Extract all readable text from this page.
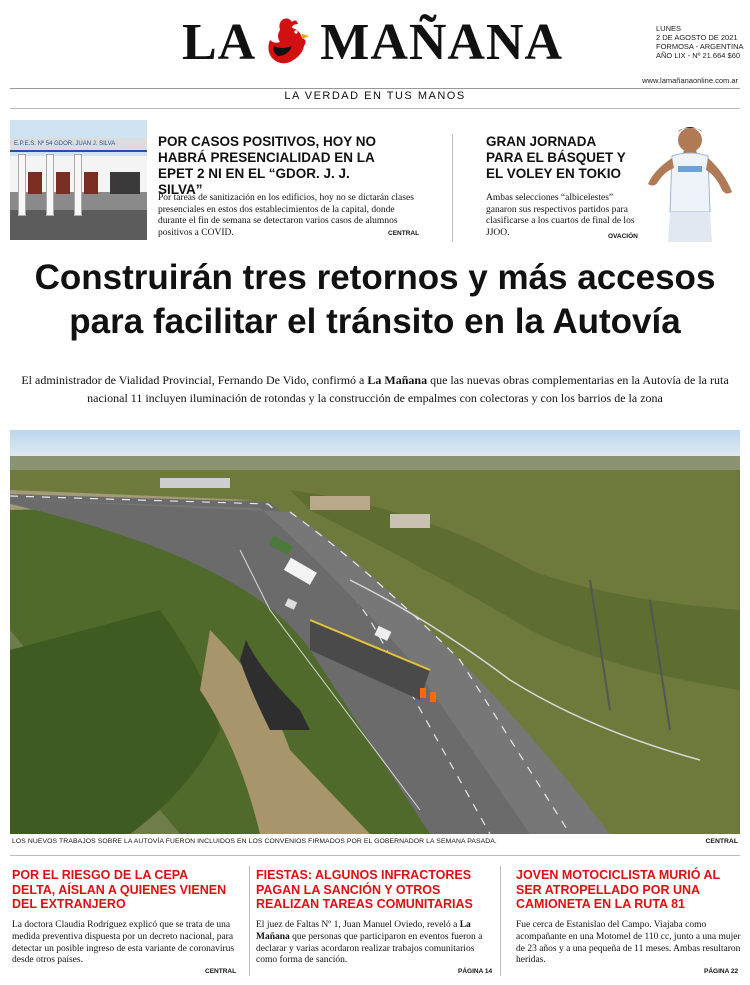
LA MAÑANA	LUNES
2 DE AGOSTO DE 2021
FORMOSA - ARGENTINA
AÑO LIX - Nº 21.664 $60
www.lamañanaonline.com.ar
LA VERDAD EN TUS MANOS
E.P.E.S. Nº 54 GDOR. JUAN J. SILVA	POR CASOS POSITIVOS, HOY NO HABRÁ PRESENCIALIDAD EN LA EPET 2 NI EN EL “GDOR. J. J. SILVA”
Por tareas de sanitización en los edificios, hoy no se dictarán clases presenciales en estos dos establecimientos de la capital, donde durante el fin de semana se detectaron varios casos de alumnos positivos a COVID.	CENTRAL
GRAN JORNADA PARA EL BÁSQUET Y EL VOLEY EN TOKIO
Ambas selecciones “albicelestes” ganaron sus respectivos partidos para clasificarse a los cuartos de final de los JJOO.	OVACIÓN
Construirán tres retornos y más accesos
para facilitar el tránsito en la Autovía
El administrador de Vialidad Provincial, Fernando De Vido, confirmó a La Mañana que las nuevas obras complementarias en la Autovía de la ruta nacional 11 incluyen iluminación de rotondas y la construcción de empalmes con colectoras y con los barrios de la zona
LOS NUEVOS TRABAJOS SOBRE LA AUTOVÍA FUERON INCLUIDOS EN LOS CONVENIOS FIRMADOS POR EL GOBERNADOR LA SEMANA PASADA.	CENTRAL
POR EL RIESGO DE LA CEPA DELTA, AÍSLAN A QUIENES VIENEN DEL EXTRANJERO
La doctora Claudia Rodríguez explicó que se trata de una medida preventiva dispuesta por un decreto nacional, para detectar un posible ingreso de esta variante de coronavirus desde otros países.
CENTRAL
FIESTAS: ALGUNOS INFRACTORES PAGAN LA SANCIÓN Y OTROS REALIZAN TAREAS COMUNITARIAS
El juez de Faltas Nº 1, Juan Manuel Oviedo, reveló a La Mañana que personas que participaron en eventos fueron a declarar y varias acordaron realizar trabajos comunitarios como forma de sanción.
PÁGINA 14
JOVEN MOTOCICLISTA MURIÓ AL SER ATROPELLADO POR UNA CAMIONETA EN LA RUTA 81
Fue cerca de Estanislao del Campo. Viajaba como acompañante en una Motomel de 110 cc, junto a una mujer de 23 años y a una pequeña de 11 meses. Ambas resultaron heridas.
PÁGINA 22
